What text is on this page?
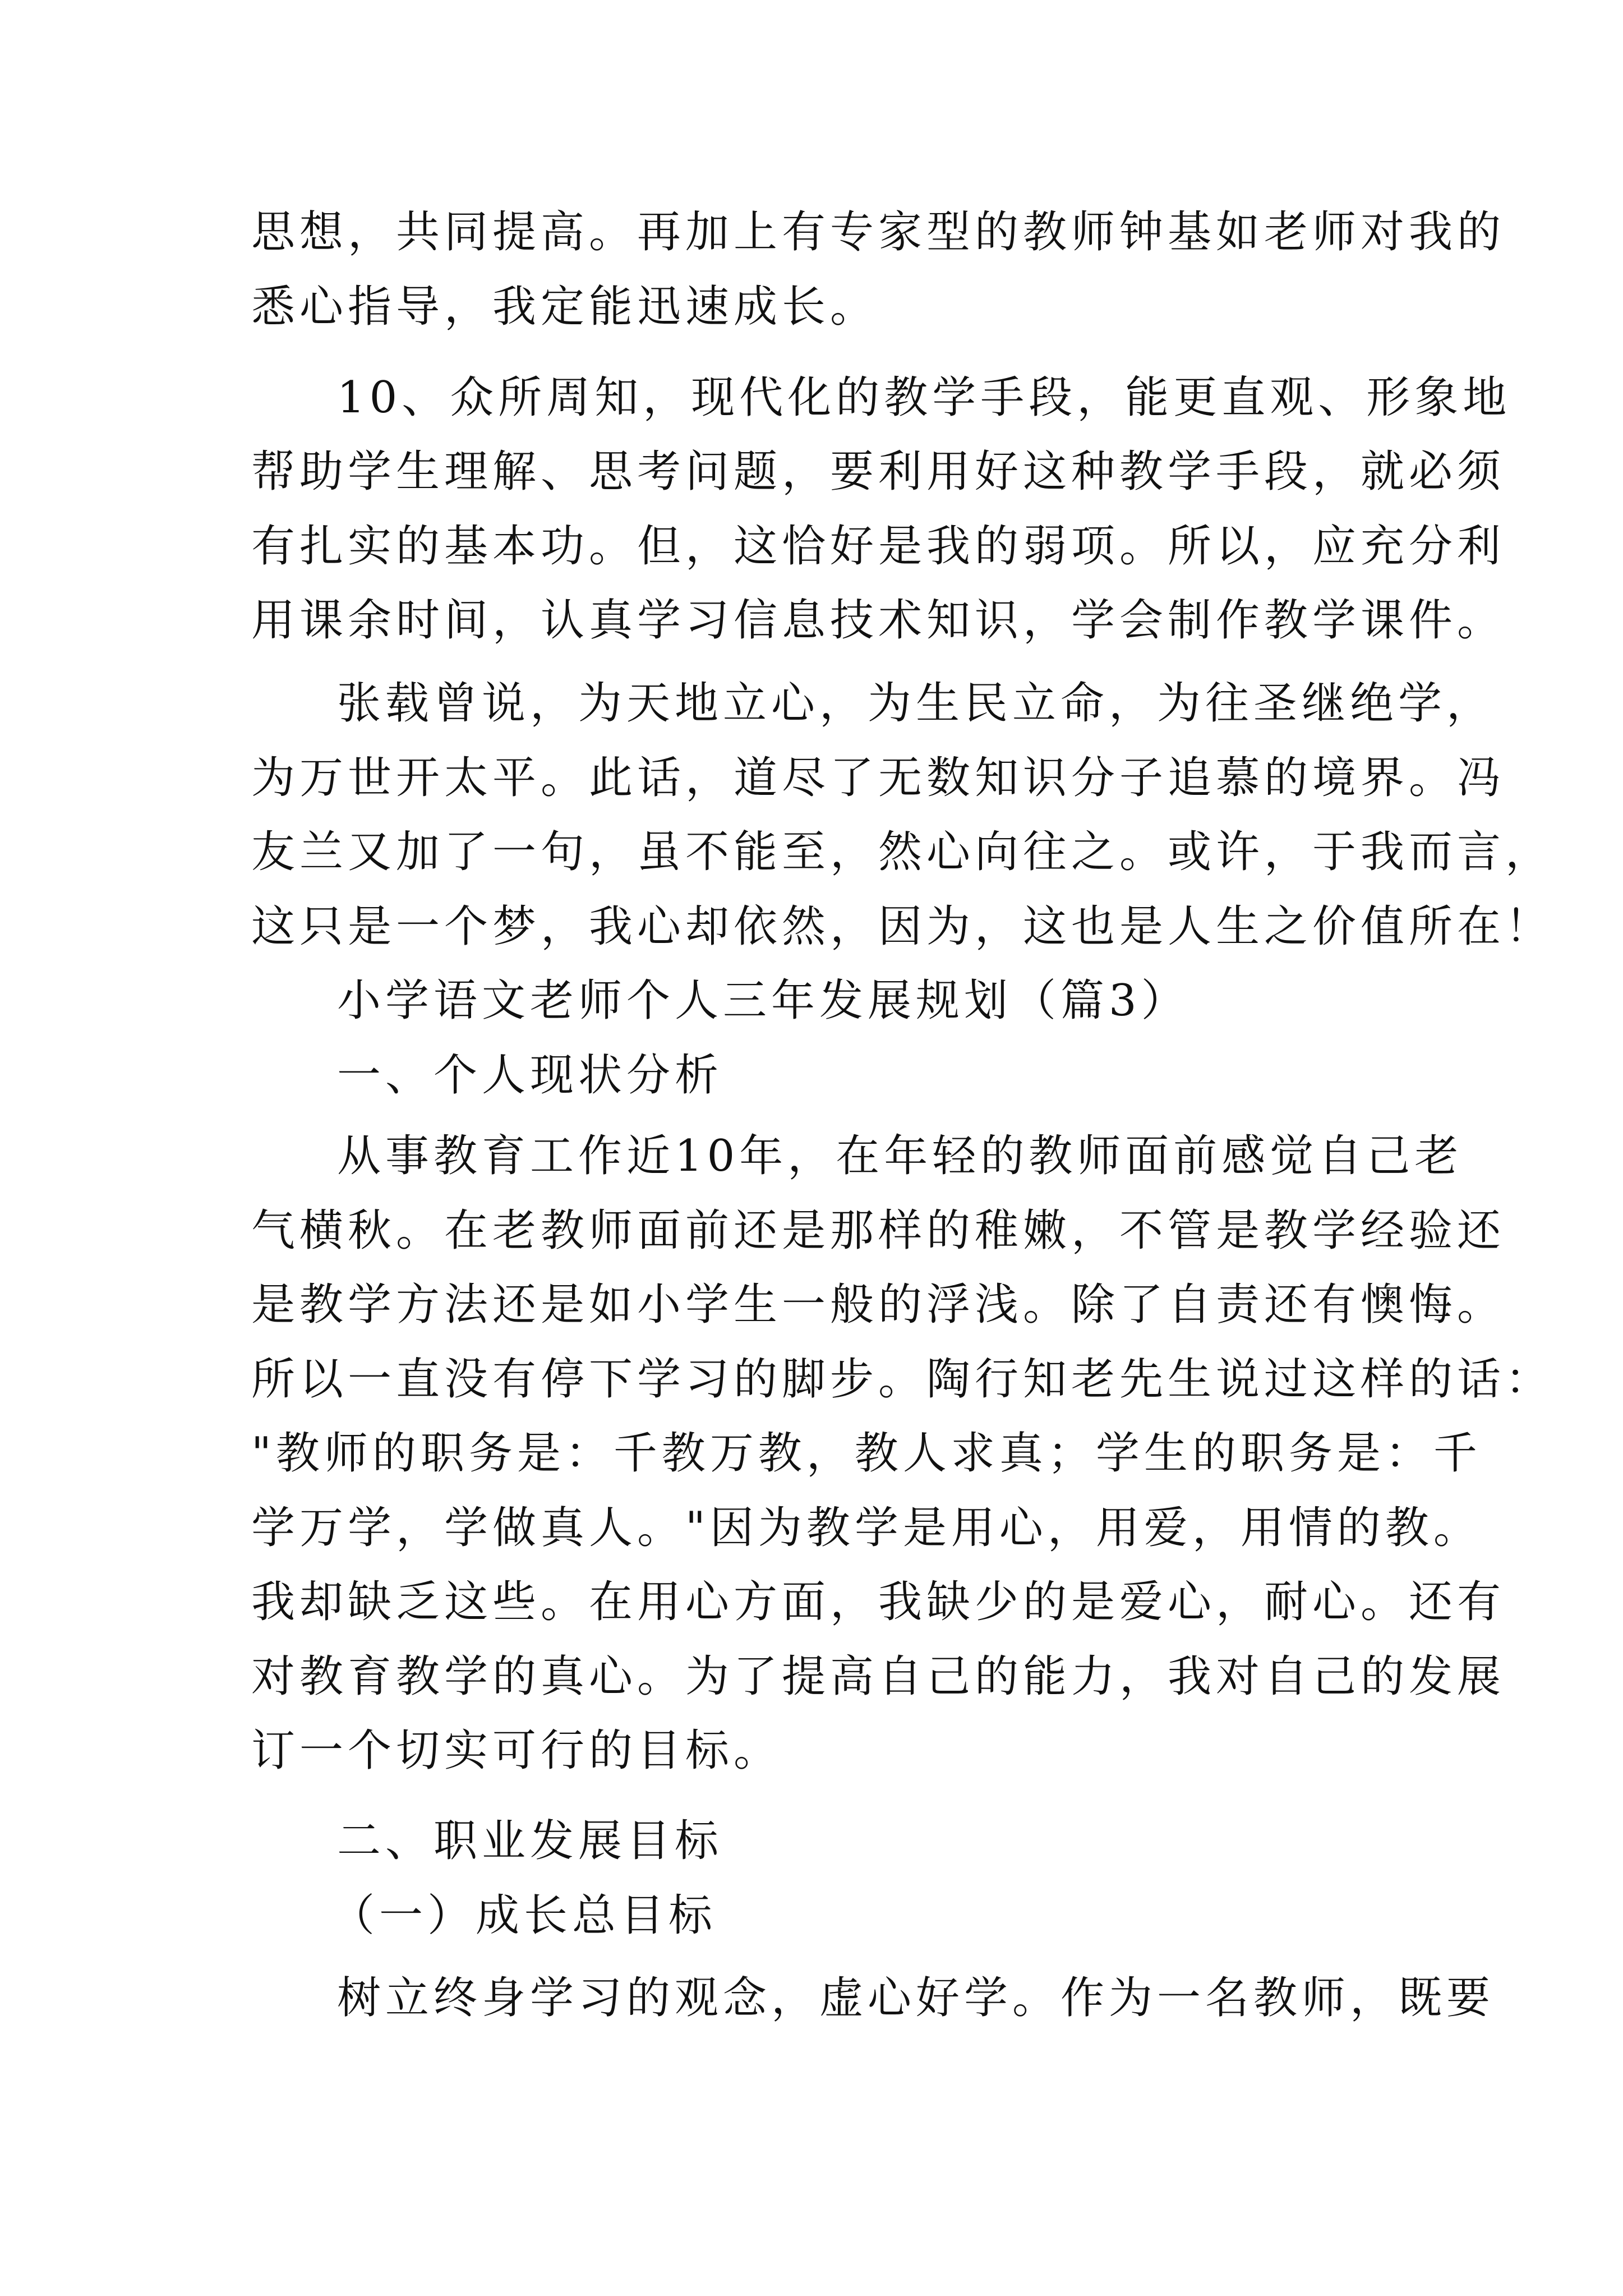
思想，共同提高。再加上有专家型的教师钟基如老师对我的
悉心指导，我定能迅速成长。
10、众所周知，现代化的教学手段，能更直观、形象地
帮助学生理解、思考问题，要利用好这种教学手段，就必须
有扎实的基本功。但，这恰好是我的弱项。所以，应充分利
用课余时间，认真学习信息技术知识，学会制作教学课件。
张载曾说，为天地立心，为生民立命，为往圣继绝学，
为万世开太平。此话，道尽了无数知识分子追慕的境界。冯
友兰又加了一句，虽不能至，然心向往之。或许，于我而言，
这只是一个梦，我心却依然，因为，这也是人生之价值所在！
小学语文老师个人三年发展规划（篇3）
一、个人现状分析
从事教育工作近10年，在年轻的教师面前感觉自己老
气横秋。在老教师面前还是那样的稚嫩，不管是教学经验还
是教学方法还是如小学生一般的浮浅。除了自责还有懊悔。
所以一直没有停下学习的脚步。陶行知老先生说过这样的话：
"教师的职务是：千教万教，教人求真；学生的职务是：千
学万学，学做真人。"因为教学是用心，用爱，用情的教。
我却缺乏这些。在用心方面，我缺少的是爱心，耐心。还有
对教育教学的真心。为了提高自己的能力，我对自己的发展
订一个切实可行的目标。
二、职业发展目标
（一）成长总目标
树立终身学习的观念，虚心好学。作为一名教师，既要
